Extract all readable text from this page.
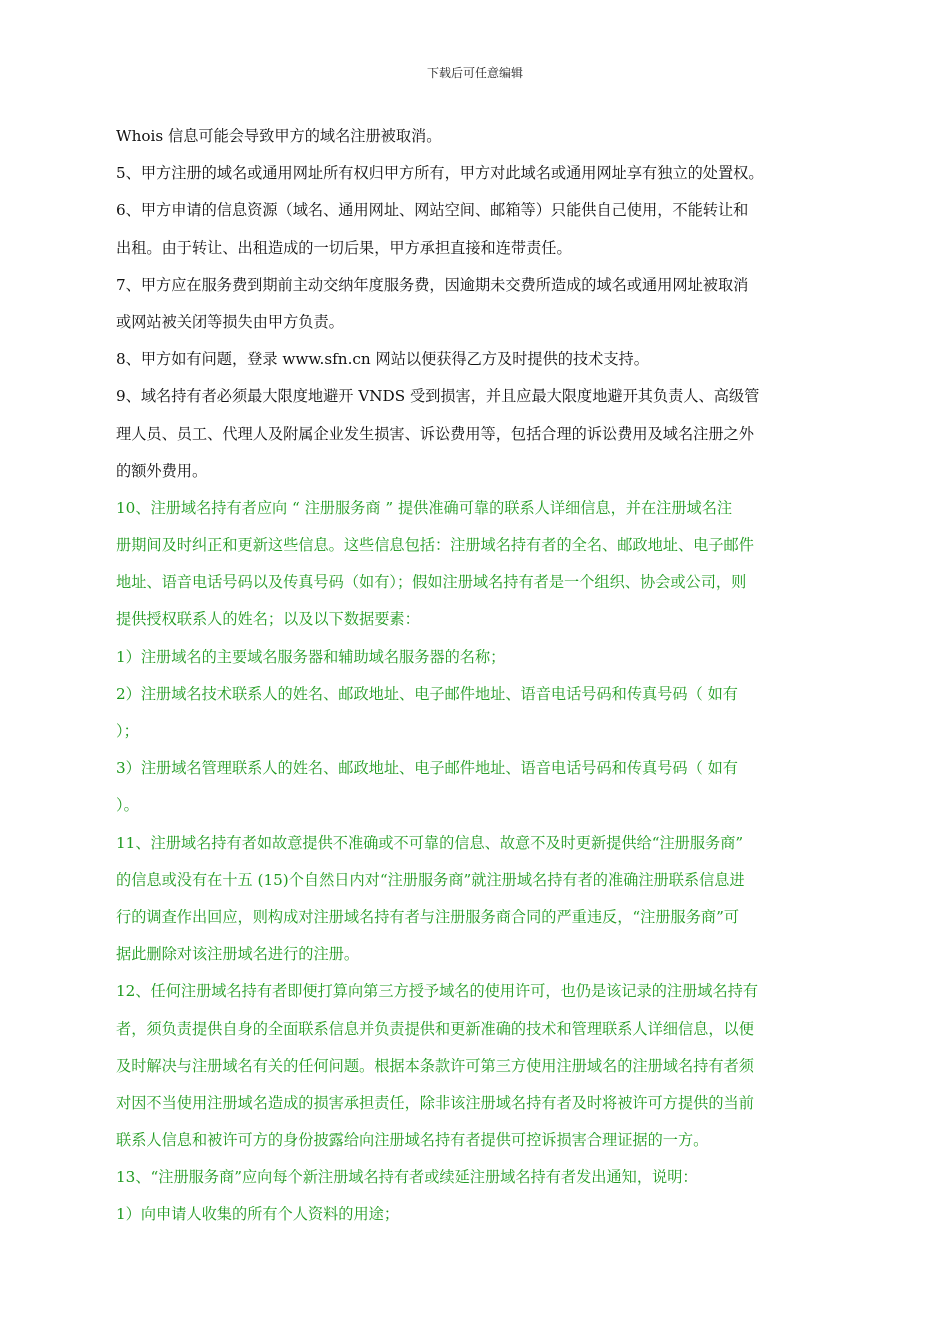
下载后可任意编辑
Whois 信息可能会导致甲方的域名注册被取消。
5、甲方注册的域名或通用网址所有权归甲方所有，甲方对此域名或通用网址享有独立的处置权。
6、甲方申请的信息资源（域名、通用网址、网站空间、邮箱等）只能供自己使用，不能转让和
出租。由于转让、出租造成的一切后果，甲方承担直接和连带责任。
7、甲方应在服务费到期前主动交纳年度服务费，因逾期未交费所造成的域名或通用网址被取消
或网站被关闭等损失由甲方负责。
8、甲方如有问题，登录 www.sfn.cn 网站以便获得乙方及时提供的技术支持。
9、域名持有者必须最大限度地避开 VNDS 受到损害，并且应最大限度地避开其负责人、高级管
理人员、员工、代理人及附属企业发生损害、诉讼费用等，包括合理的诉讼费用及域名注册之外
的额外费用。
10、注册域名持有者应向 “ 注册服务商 ” 提供准确可靠的联系人详细信息，并在注册域名注
册期间及时纠正和更新这些信息。这些信息包括：注册域名持有者的全名、邮政地址、电子邮件
地址、语音电话号码以及传真号码（如有）；假如注册域名持有者是一个组织、协会或公司，则
提供授权联系人的姓名；以及以下数据要素：
1）注册域名的主要域名服务器和辅助域名服务器的名称；
2）注册域名技术联系人的姓名、邮政地址、电子邮件地址、语音电话号码和传真号码（ 如有
）；
3）注册域名管理联系人的姓名、邮政地址、电子邮件地址、语音电话号码和传真号码（ 如有
）。
11、注册域名持有者如故意提供不准确或不可靠的信息、故意不及时更新提供给“注册服务商”
的信息或没有在十五 (15)个自然日内对“注册服务商”就注册域名持有者的准确注册联系信息进
行的调查作出回应，则构成对注册域名持有者与注册服务商合同的严重违反，“注册服务商”可
据此删除对该注册域名进行的注册。
12、任何注册域名持有者即便打算向第三方授予域名的使用许可，也仍是该记录的注册域名持有
者，须负责提供自身的全面联系信息并负责提供和更新准确的技术和管理联系人详细信息，以便
及时解决与注册域名有关的任何问题。根据本条款许可第三方使用注册域名的注册域名持有者须
对因不当使用注册域名造成的损害承担责任，除非该注册域名持有者及时将被许可方提供的当前
联系人信息和被许可方的身份披露给向注册域名持有者提供可控诉损害合理证据的一方。
13、“注册服务商”应向每个新注册域名持有者或续延注册域名持有者发出通知，说明：
1）向申请人收集的所有个人资料的用途；
